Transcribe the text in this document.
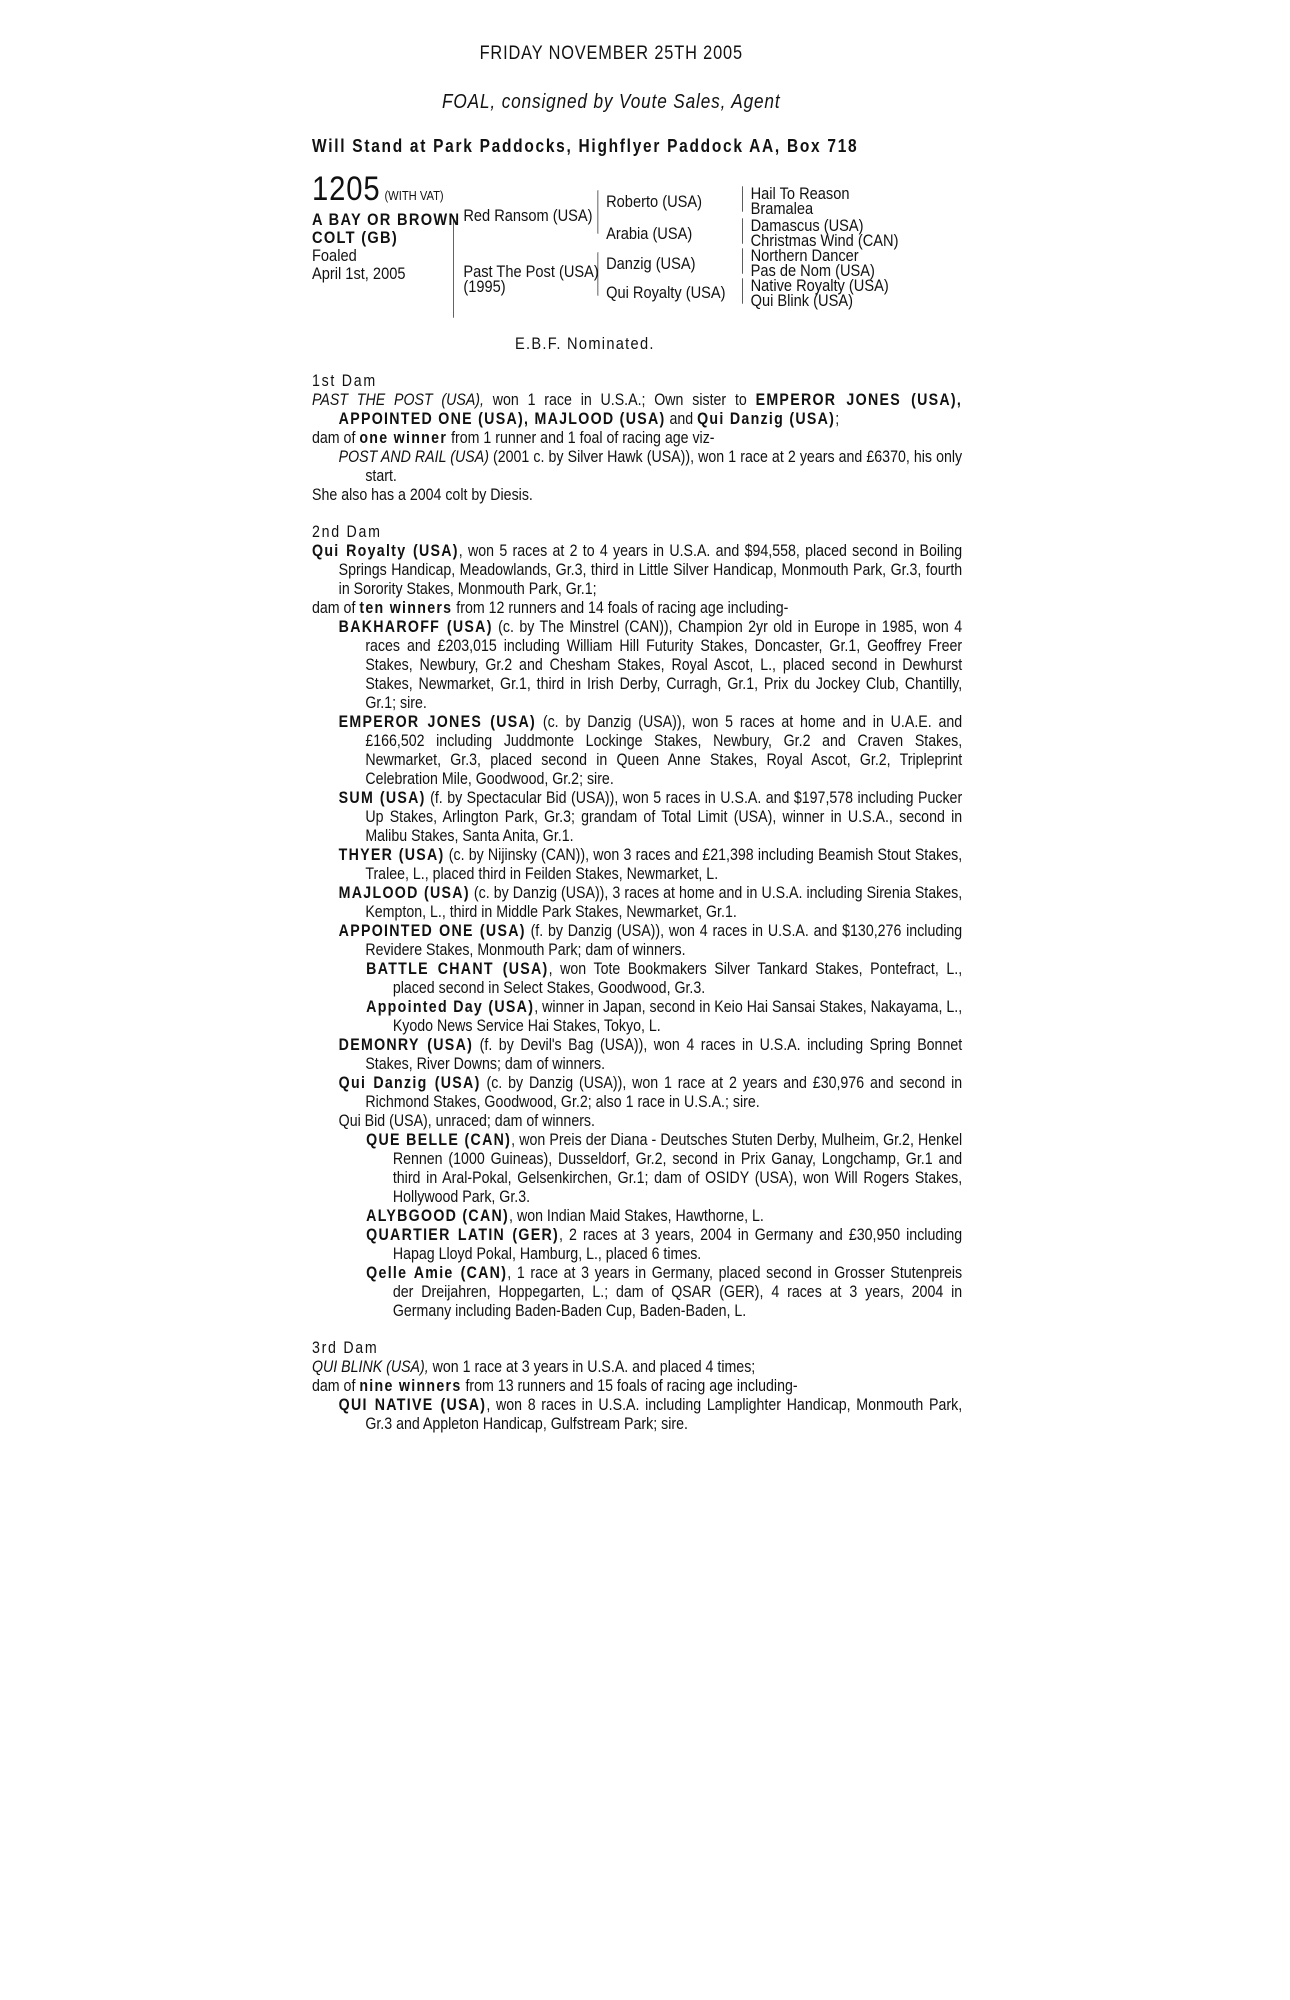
FRIDAY NOVEMBER 25TH 2005
FOAL, consigned by Voute Sales, Agent
Will Stand at Park Paddocks, Highflyer Paddock AA, Box 718
1205 (WITH VAT)
A BAY OR BROWN
COLT (GB)
Foaled
April 1st, 2005
Red Ransom (USA)
Past The Post (USA)
(1995)
Roberto (USA)
Arabia (USA)
Danzig (USA)
Qui Royalty (USA)
Hail To Reason
Bramalea
Damascus (USA)
Christmas Wind (CAN)
Northern Dancer
Pas de Nom (USA)
Native Royalty (USA)
Qui Blink (USA)
E.B.F. Nominated.
1st Dam

PAST THE POST (USA), won 1 race in U.S.A.; Own sister to EMPEROR JONES (USA), APPOINTED ONE (USA), MAJLOOD (USA) and Qui Danzig (USA);

dam of one winner from 1 runner and 1 foal of racing age viz-

POST AND RAIL (USA) (2001 c. by Silver Hawk (USA)), won 1 race at 2 years and £6370, his only start.

She also has a 2004 colt by Diesis.

2nd Dam

Qui Royalty (USA), won 5 races at 2 to 4 years in U.S.A. and $94,558, placed second in Boiling Springs Handicap, Meadowlands, Gr.3, third in Little Silver Handicap, Monmouth Park, Gr.3, fourth in Sorority Stakes, Monmouth Park, Gr.1;

dam of ten winners from 12 runners and 14 foals of racing age including-

BAKHAROFF (USA) (c. by The Minstrel (CAN)), Champion 2yr old in Europe in 1985, won 4 races and £203,015 including William Hill Futurity Stakes, Doncaster, Gr.1, Geoffrey Freer Stakes, Newbury, Gr.2 and Chesham Stakes, Royal Ascot, L., placed second in Dewhurst Stakes, Newmarket, Gr.1, third in Irish Derby, Curragh, Gr.1, Prix du Jockey Club, Chantilly, Gr.1; sire.

EMPEROR JONES (USA) (c. by Danzig (USA)), won 5 races at home and in U.A.E. and £166,502 including Juddmonte Lockinge Stakes, Newbury, Gr.2 and Craven Stakes, Newmarket, Gr.3, placed second in Queen Anne Stakes, Royal Ascot, Gr.2, Tripleprint Celebration Mile, Goodwood, Gr.2; sire.

SUM (USA) (f. by Spectacular Bid (USA)), won 5 races in U.S.A. and $197,578 including Pucker Up Stakes, Arlington Park, Gr.3; grandam of Total Limit (USA), winner in U.S.A., second in Malibu Stakes, Santa Anita, Gr.1.

THYER (USA) (c. by Nijinsky (CAN)), won 3 races and £21,398 including Beamish Stout Stakes, Tralee, L., placed third in Feilden Stakes, Newmarket, L.

MAJLOOD (USA) (c. by Danzig (USA)), 3 races at home and in U.S.A. including Sirenia Stakes, Kempton, L., third in Middle Park Stakes, Newmarket, Gr.1.

APPOINTED ONE (USA) (f. by Danzig (USA)), won 4 races in U.S.A. and $130,276 including Revidere Stakes, Monmouth Park; dam of winners.

BATTLE CHANT (USA), won Tote Bookmakers Silver Tankard Stakes, Pontefract, L., placed second in Select Stakes, Goodwood, Gr.3.

Appointed Day (USA), winner in Japan, second in Keio Hai Sansai Stakes, Nakayama, L., Kyodo News Service Hai Stakes, Tokyo, L.

DEMONRY (USA) (f. by Devil's Bag (USA)), won 4 races in U.S.A. including Spring Bonnet Stakes, River Downs; dam of winners.

Qui Danzig (USA) (c. by Danzig (USA)), won 1 race at 2 years and £30,976 and second in Richmond Stakes, Goodwood, Gr.2; also 1 race in U.S.A.; sire.

Qui Bid (USA), unraced; dam of winners.

QUE BELLE (CAN), won Preis der Diana - Deutsches Stuten Derby, Mulheim, Gr.2, Henkel Rennen (1000 Guineas), Dusseldorf, Gr.2, second in Prix Ganay, Longchamp, Gr.1 and third in Aral-Pokal, Gelsenkirchen, Gr.1; dam of OSIDY (USA), won Will Rogers Stakes, Hollywood Park, Gr.3.

ALYBGOOD (CAN), won Indian Maid Stakes, Hawthorne, L.

QUARTIER LATIN (GER), 2 races at 3 years, 2004 in Germany and £30,950 including Hapag Lloyd Pokal, Hamburg, L., placed 6 times.

Qelle Amie (CAN), 1 race at 3 years in Germany, placed second in Grosser Stutenpreis der Dreijahren, Hoppegarten, L.; dam of QSAR (GER), 4 races at 3 years, 2004 in Germany including Baden-Baden Cup, Baden-Baden, L.

3rd Dam

QUI BLINK (USA), won 1 race at 3 years in U.S.A. and placed 4 times;

dam of nine winners from 13 runners and 15 foals of racing age including-

QUI NATIVE (USA), won 8 races in U.S.A. including Lamplighter Handicap, Monmouth Park, Gr.3 and Appleton Handicap, Gulfstream Park; sire.
